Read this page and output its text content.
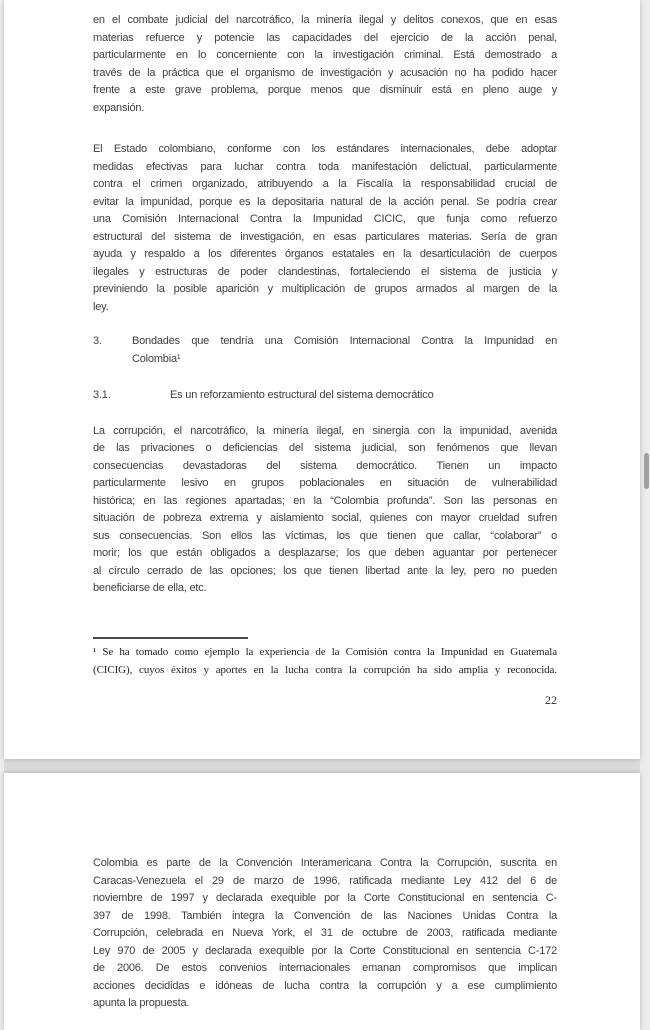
en el combate judicial del narcotráfico, la minería ilegal y delitos conexos, que en esas
materias refuerce y potencie las capacidades del ejercicio de la acción penal,
particularmente en lo concerniente con la investigación criminal. Está demostrado a
través de la práctica que el organismo de investigación y acusación no ha podido hacer
frente a este grave problema, porque menos que disminuir está en pleno auge y
expansión.
El Estado colombiano, conforme con los estándares internacionales, debe adoptar
medidas efectivas para luchar contra toda manifestación delictual, particularmente
contra el crimen organizado, atribuyendo a la Fiscalía la responsabilidad crucial de
evitar la impunidad, porque es la depositaria natural de la acción penal. Se podría crear
una Comisión Internacional Contra la Impunidad CICIC, que funja como refuerzo
estructural del sistema de investigación, en esas particulares materias. Sería de gran
ayuda y respaldo a los diferentes órganos estatales en la desarticulación de cuerpos
ilegales y estructuras de poder clandestinas, fortaleciendo el sistema de justicia y
previniendo la posible aparición y multiplicación de grupos armados al margen de la
ley.
3.	Bondades que tendría una Comisión Internacional Contra la Impunidad en
Colombia¹
3.1.	Es un reforzamiento estructural del sistema democrático
La corrupción, el narcotráfico, la minería ilegal, en sinergia con la impunidad, avenida
de las privaciones o deficiencias del sistema judicial, son fenómenos que llevan
consecuencias devastadoras del sistema democrático. Tienen un impacto
particularmente lesivo en grupos poblacionales en situación de vulnerabilidad
histórica; en las regiones apartadas; en la “Colombia profunda”. Son las personas en
situación de pobreza extrema y aislamiento social, quienes con mayor crueldad sufren
sus consecuencias. Son ellos las víctimas, los que tienen que callar, “colaborar” o
morir; los que están obligados a desplazarse; los que deben aguantar por pertenecer
al círculo cerrado de las opciones; los que tienen libertad ante la ley, pero no pueden
beneficiarse de ella, etc.
¹ Se ha tomado como ejemplo la experiencia de la Comisión contra la Impunidad en Guatemala
(CICIG), cuyos éxitos y aportes en la lucha contra la corrupción ha sido amplia y reconocida.
22
Colombia es parte de la Convención Interamericana Contra la Corrupción, suscrita en
Caracas-Venezuela el 29 de marzo de 1996, ratificada mediante Ley 412 del 6 de
noviembre de 1997 y declarada exequible por la Corte Constitucional en sentencia C-
397 de 1998. También integra la Convención de las Naciones Unidas Contra la
Corrupción, celebrada en Nueva York, el 31 de octubre de 2003, ratificada mediante
Ley 970 de 2005 y declarada exequible por la Corte Constitucional en sentencia C-172
de 2006. De estos convenios internacionales emanan compromisos que implican
acciones decididas e idóneas de lucha contra la corrupción y a ese cumplimiento
apunta la propuesta.
